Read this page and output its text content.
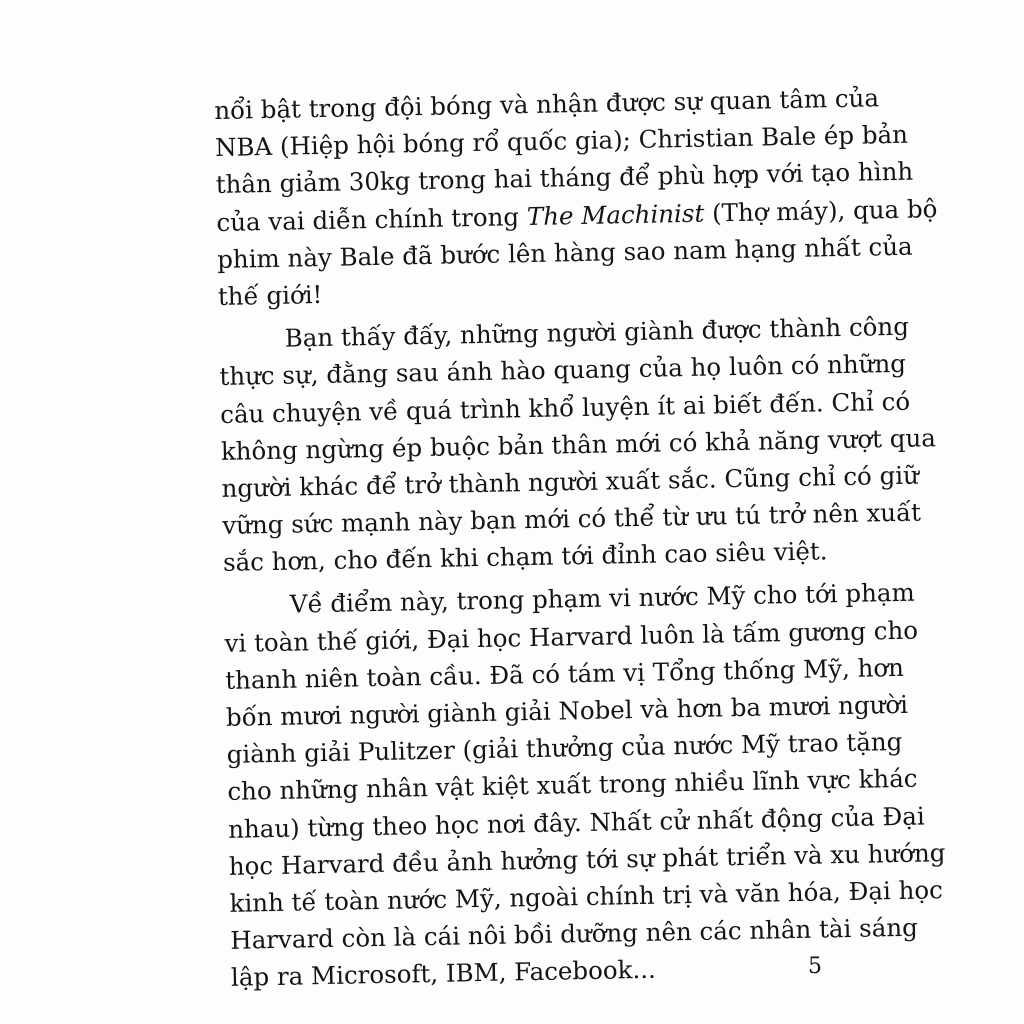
nổi bật trong đội bóng và nhận được sự quan tâm của
NBA (Hiệp hội bóng rổ quốc gia); Christian Bale ép bản
thân giảm 30kg trong hai tháng để phù hợp với tạo hình
của vai diễn chính trong The Machinist (Thợ máy), qua bộ
phim này Bale đã bước lên hàng sao nam hạng nhất của
thế giới!
Bạn thấy đấy, những người giành được thành công
thực sự, đằng sau ánh hào quang của họ luôn có những
câu chuyện về quá trình khổ luyện ít ai biết đến. Chỉ có
không ngừng ép buộc bản thân mới có khả năng vượt qua
người khác để trở thành người xuất sắc. Cũng chỉ có giữ
vững sức mạnh này bạn mới có thể từ ưu tú trở nên xuất
sắc hơn, cho đến khi chạm tới đỉnh cao siêu việt.
Về điểm này, trong phạm vi nước Mỹ cho tới phạm
vi toàn thế giới, Đại học Harvard luôn là tấm gương cho
thanh niên toàn cầu. Đã có tám vị Tổng thống Mỹ, hơn
bốn mươi người giành giải Nobel và hơn ba mươi người
giành giải Pulitzer (giải thưởng của nước Mỹ trao tặng
cho những nhân vật kiệt xuất trong nhiều lĩnh vực khác
nhau) từng theo học nơi đây. Nhất cử nhất động của Đại
học Harvard đều ảnh hưởng tới sự phát triển và xu hướng
kinh tế toàn nước Mỹ, ngoài chính trị và văn hóa, Đại học
Harvard còn là cái nôi bồi dưỡng nên các nhân tài sáng
lập ra Microsoft, IBM, Facebook...	5
